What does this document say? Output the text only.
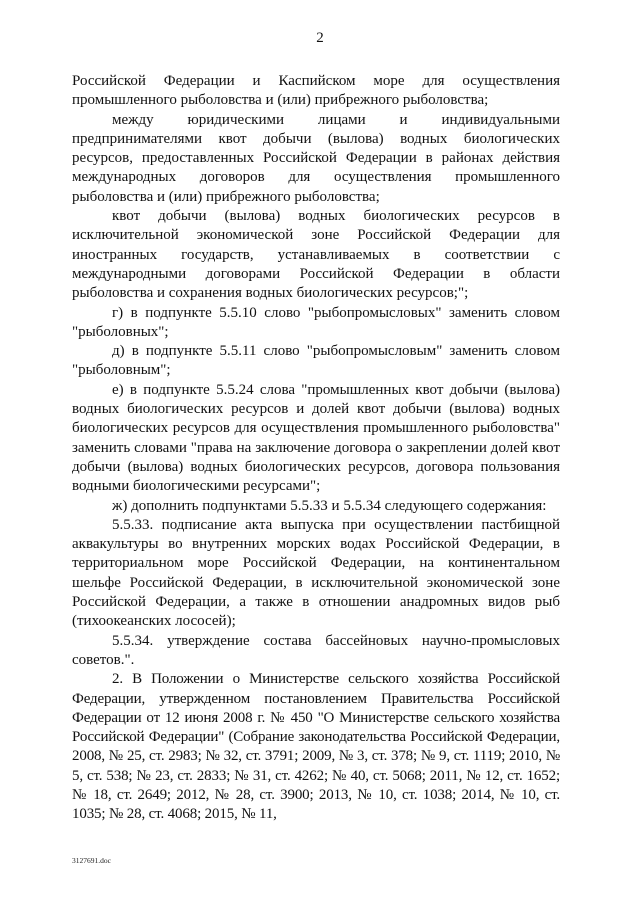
2

Российской Федерации и Каспийском море для осуществления промышленного рыболовства и (или) прибрежного рыболовства;

между юридическими лицами и индивидуальными предпринимателями квот добычи (вылова) водных биологических ресурсов, предоставленных Российской Федерации в районах действия международных договоров для осуществления промышленного рыболовства и (или) прибрежного рыболовства;

квот добычи (вылова) водных биологических ресурсов в исключительной экономической зоне Российской Федерации для иностранных государств, устанавливаемых в соответствии с международными договорами Российской Федерации в области рыболовства и сохранения водных биологических ресурсов;";

г) в подпункте 5.5.10 слово "рыбопромысловых" заменить словом "рыболовных";

д) в подпункте 5.5.11 слово "рыбопромысловым" заменить словом "рыболовным";

е) в подпункте 5.5.24 слова "промышленных квот добычи (вылова) водных биологических ресурсов и долей квот добычи (вылова) водных биологических ресурсов для осуществления промышленного рыболовства" заменить словами "права на заключение договора о закреплении долей квот добычи (вылова) водных биологических ресурсов, договора пользования водными биологическими ресурсами";

ж) дополнить подпунктами 5.5.33 и 5.5.34 следующего содержания:

5.5.33. подписание акта выпуска при осуществлении пастбищной аквакультуры во внутренних морских водах Российской Федерации, в территориальном море Российской Федерации, на континентальном шельфе Российской Федерации, в исключительной экономической зоне Российской Федерации, а также в отношении анадромных видов рыб (тихоокеанских лососей);

5.5.34. утверждение состава бассейновых научно-промысловых советов.".

2. В Положении о Министерстве сельского хозяйства Российской Федерации, утвержденном постановлением Правительства Российской Федерации от 12 июня 2008 г. № 450 "О Министерстве сельского хозяйства Российской Федерации" (Собрание законодательства Российской Федерации, 2008, № 25, ст. 2983; № 32, ст. 3791; 2009, № 3, ст. 378; № 9, ст. 1119; 2010, № 5, ст. 538; № 23, ст. 2833; № 31, ст. 4262; № 40, ст. 5068; 2011, № 12, ст. 1652; № 18, ст. 2649; 2012, № 28, ст. 3900; 2013, № 10, ст. 1038; 2014, № 10, ст. 1035; № 28, ст. 4068; 2015, № 11,

3127691.doc
